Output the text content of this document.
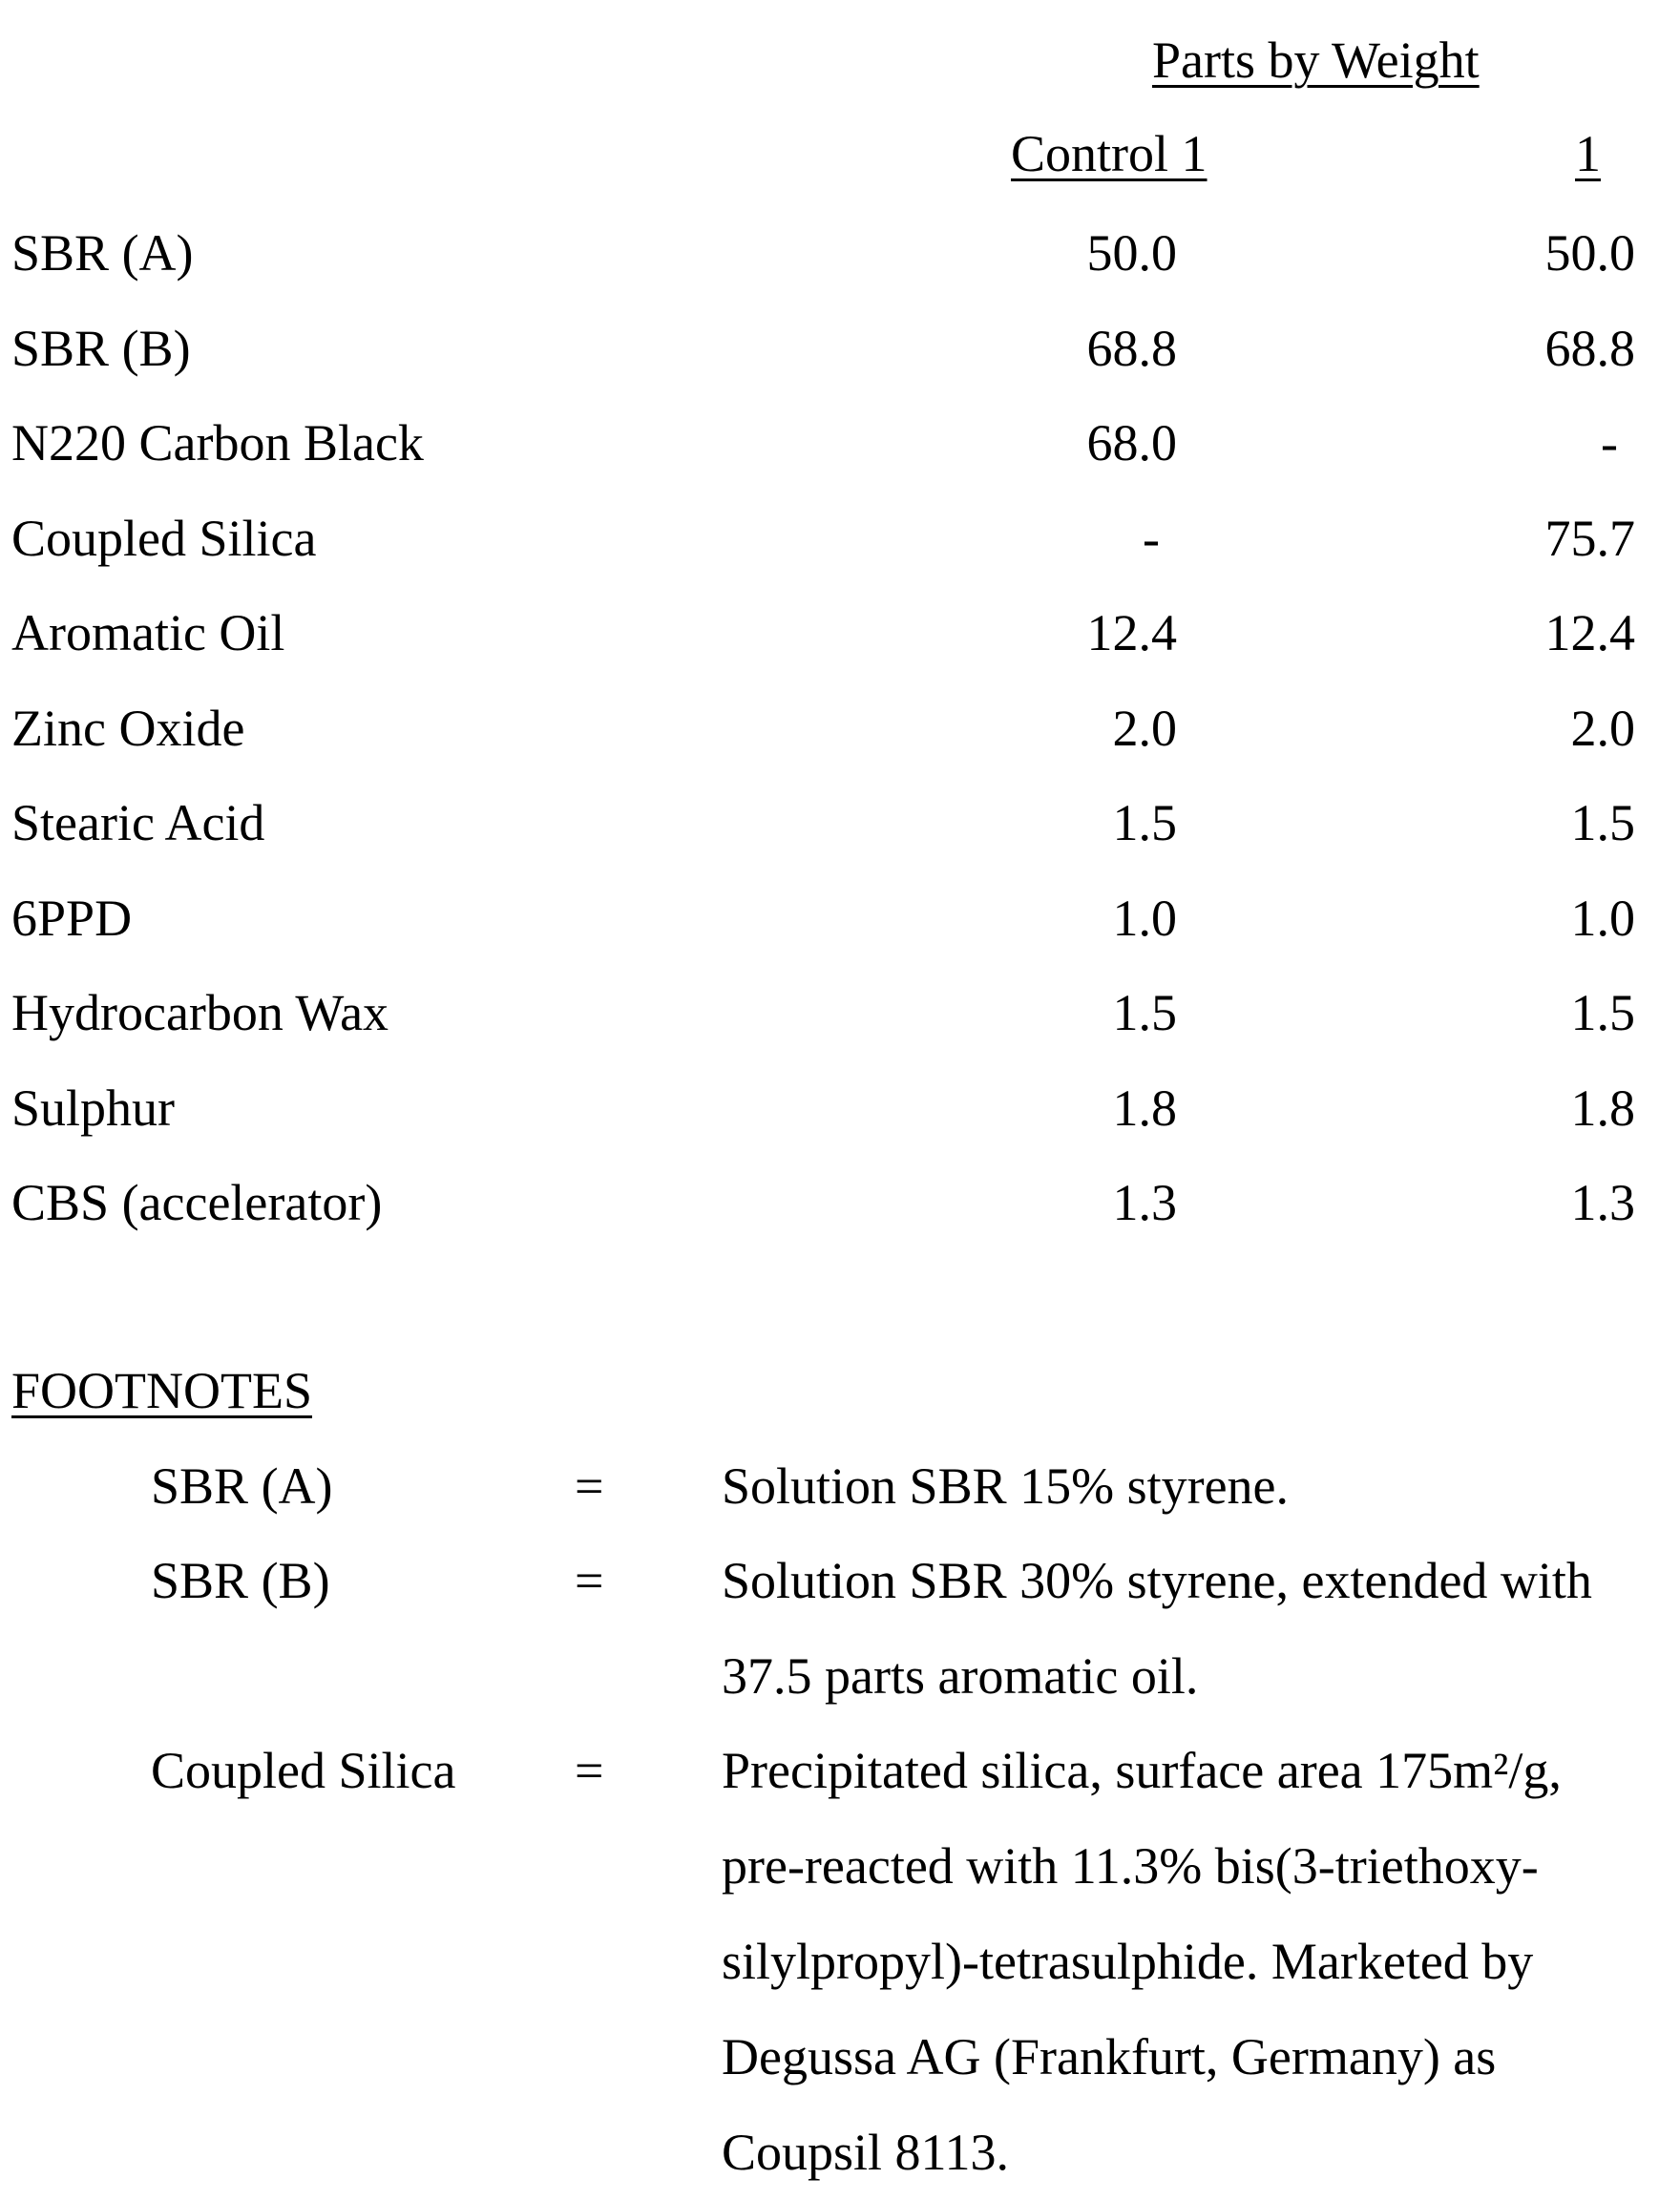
Parts by Weight
Control 1	1
SBR (A)	50.0	50.0
SBR (B)	68.8	68.8
N220 Carbon Black	68.0	-
Coupled Silica	-	75.7
Aromatic Oil	12.4	12.4
Zinc Oxide	2.0	2.0
Stearic Acid	1.5	1.5
6PPD	1.0	1.0
Hydrocarbon Wax	1.5	1.5
Sulphur	1.8	1.8
CBS (accelerator)	1.3	1.3
FOOTNOTES
SBR (A)	= Solution SBR 15% styrene.
SBR (B)	= Solution SBR 30% styrene, extended with
37.5 parts aromatic oil.
Coupled Silica = Precipitated silica, surface area 175m²/g,
pre-reacted with 11.3% bis(3-triethoxy-
silylpropyl)-tetrasulphide. Marketed by
Degussa AG (Frankfurt, Germany) as
Coupsil 8113.
